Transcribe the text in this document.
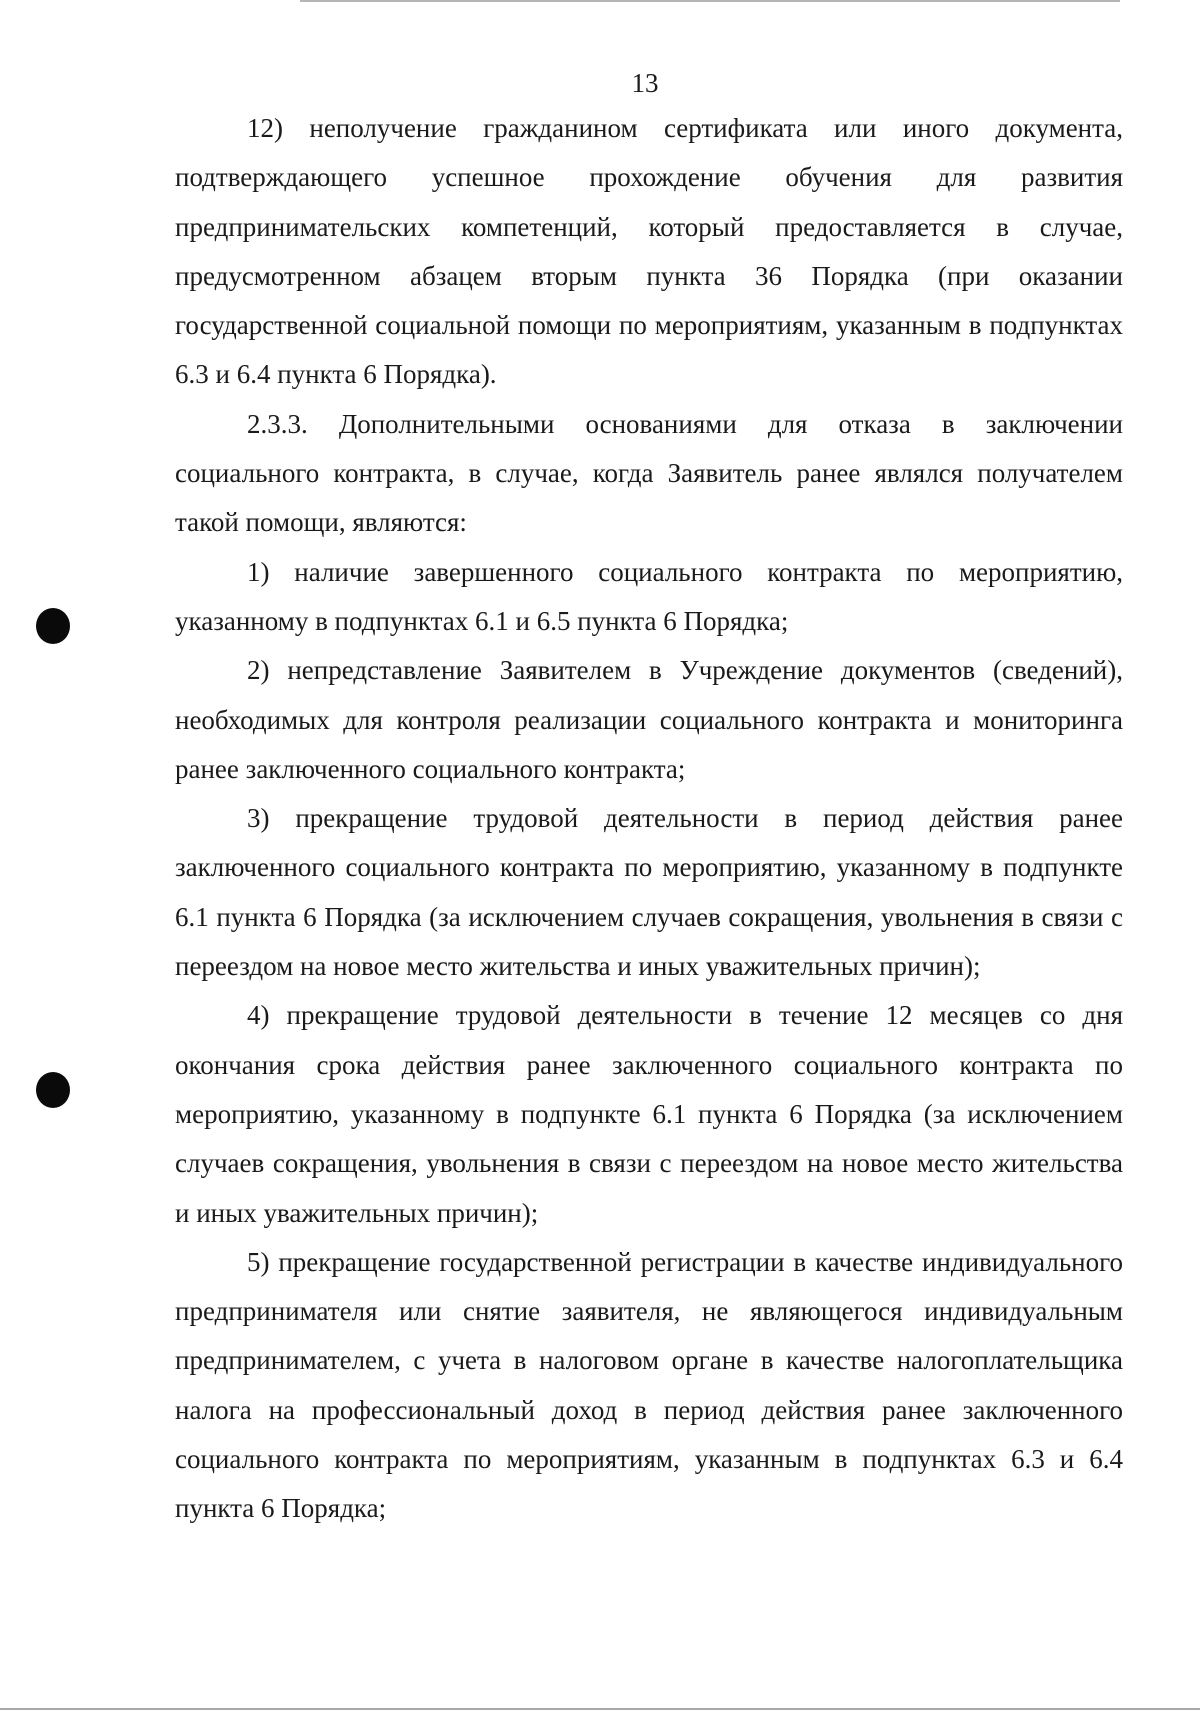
13

12) неполучение гражданином сертификата или иного документа, подтверждающего успешное прохождение обучения для развития предпринимательских компетенций, который предоставляется в случае, предусмотренном абзацем вторым пункта 36 Порядка (при оказании государственной социальной помощи по мероприятиям, указанным в подпунктах 6.3 и 6.4 пункта 6 Порядка).

2.3.3. Дополнительными основаниями для отказа в заключении социального контракта, в случае, когда Заявитель ранее являлся получателем такой помощи, являются:

1) наличие завершенного социального контракта по мероприятию, указанному в подпунктах 6.1 и 6.5 пункта 6 Порядка;

2) непредставление Заявителем в Учреждение документов (сведений), необходимых для контроля реализации социального контракта и мониторинга ранее заключенного социального контракта;

3) прекращение трудовой деятельности в период действия ранее заключенного социального контракта по мероприятию, указанному в подпункте 6.1 пункта 6 Порядка (за исключением случаев сокращения, увольнения в связи с переездом на новое место жительства и иных уважительных причин);

4) прекращение трудовой деятельности в течение 12 месяцев со дня окончания срока действия ранее заключенного социального контракта по мероприятию, указанному в подпункте 6.1 пункта 6 Порядка (за исключением случаев сокращения, увольнения в связи с переездом на новое место жительства и иных уважительных причин);

5) прекращение государственной регистрации в качестве индивидуального предпринимателя или снятие заявителя, не являющегося индивидуальным предпринимателем, с учета в налоговом органе в качестве налогоплательщика налога на профессиональный доход в период действия ранее заключенного социального контракта по мероприятиям, указанным в подпунктах 6.3 и 6.4 пункта 6 Порядка;
